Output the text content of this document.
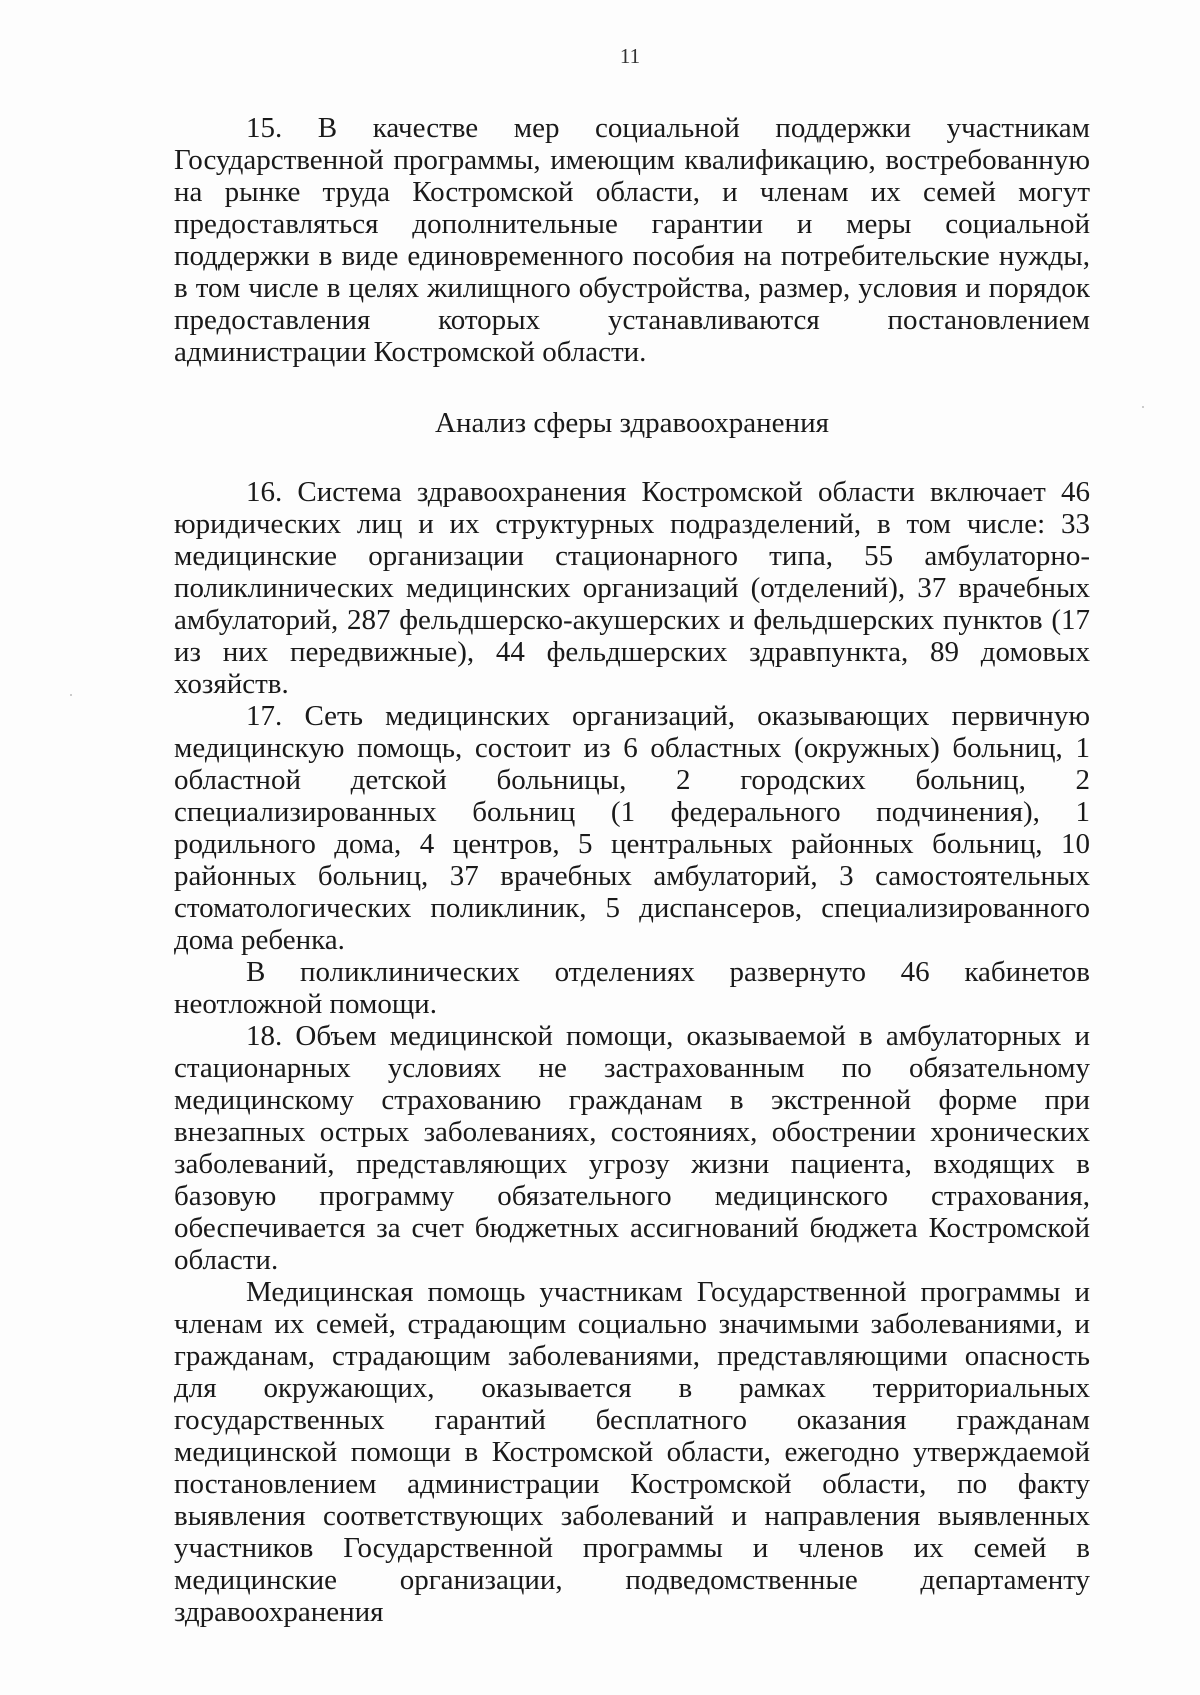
11

15. В качестве мер социальной поддержки участникам Государственной программы, имеющим квалификацию, востребованную на рынке труда Костромской области, и членам их семей могут предоставляться дополнительные гарантии и меры социальной поддержки в виде единовременного пособия на потребительские нужды, в том числе в целях жилищного обустройства, размер, условия и порядок предоставления которых устанавливаются постановлением администрации Костромской области.

Анализ сферы здравоохранения

16. Система здравоохранения Костромской области включает 46 юридических лиц и их структурных подразделений, в том числе: 33 медицинские организации стационарного типа, 55 амбулаторно-поликлинических медицинских организаций (отделений), 37 врачебных амбулаторий, 287 фельдшерско-акушерских и фельдшерских пунктов (17 из них передвижные), 44 фельдшерских здравпункта, 89 домовых хозяйств.

17. Сеть медицинских организаций, оказывающих первичную медицинскую помощь, состоит из 6 областных (окружных) больниц, 1 областной детской больницы, 2 городских больниц, 2 специализированных больниц (1 федерального подчинения), 1 родильного дома, 4 центров, 5 центральных районных больниц, 10 районных больниц, 37 врачебных амбулаторий, 3 самостоятельных стоматологических поликлиник, 5 диспансеров, специализированного дома ребенка.

В поликлинических отделениях развернуто 46 кабинетов неотложной помощи.

18. Объем медицинской помощи, оказываемой в амбулаторных и стационарных условиях не застрахованным по обязательному медицинскому страхованию гражданам в экстренной форме при внезапных острых заболеваниях, состояниях, обострении хронических заболеваний, представляющих угрозу жизни пациента, входящих в базовую программу обязательного медицинского страхования, обеспечивается за счет бюджетных ассигнований бюджета Костромской области.

Медицинская помощь участникам Государственной программы и членам их семей, страдающим социально значимыми заболеваниями, и гражданам, страдающим заболеваниями, представляющими опасность для окружающих, оказывается в рамках территориальных государственных гарантий бесплатного оказания гражданам медицинской помощи в Костромской области, ежегодно утверждаемой постановлением администрации Костромской области, по факту выявления соответствующих заболеваний и направления выявленных участников Государственной программы и членов их семей в медицинские организации, подведомственные департаменту здравоохранения
